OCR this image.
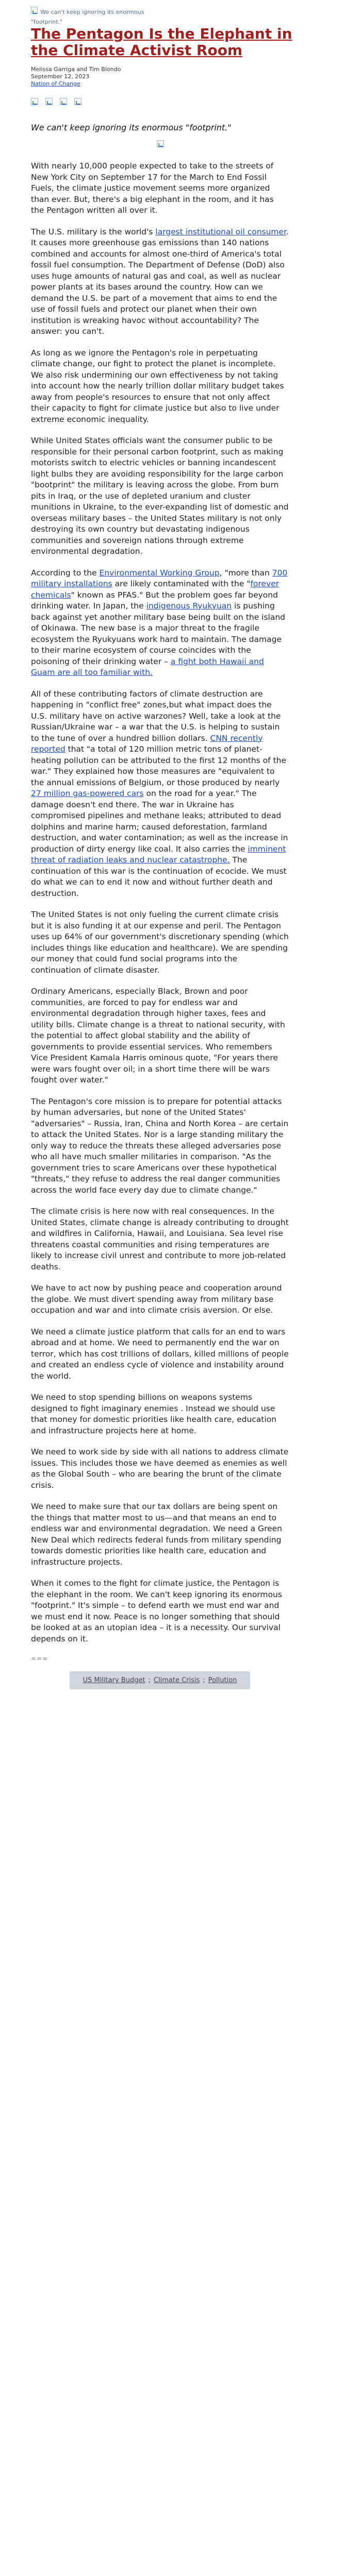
We can't keep ignoring its enormous "footprint."
The Pentagon Is the Elephant in the Climate Activist Room
Melissa Garriga and Tim Biondo
September 12, 2023
Nation of Change
We can't keep ignoring its enormous "footprint."

With nearly 10,000 people expected to take to the streets of New York City on September 17 for the March to End Fossil Fuels, the climate justice movement seems more organized than ever. But, there's a big elephant in the room, and it has the Pentagon written all over it.

The U.S. military is the world's largest institutional oil consumer. It causes more greenhouse gas emissions than 140 nations combined and accounts for almost one-third of America's total fossil fuel consumption. The Department of Defense (DoD) also uses huge amounts of natural gas and coal, as well as nuclear power plants at its bases around the country. How can we demand the U.S. be part of a movement that aims to end the use of fossil fuels and protect our planet when their own institution is wreaking havoc without accountability? The answer: you can't.

As long as we ignore the Pentagon's role in perpetuating climate change, our fight to protect the planet is incomplete. We also risk undermining our own effectiveness by not taking into account how the nearly trillion dollar military budget takes away from people's resources to ensure that not only affect their capacity to fight for climate justice but also to live under extreme economic inequality.

While United States officials want the consumer public to be responsible for their personal carbon footprint, such as making motorists switch to electric vehicles or banning incandescent light bulbs they are avoiding responsibility for the large carbon "bootprint" the military is leaving across the globe. From burn pits in Iraq, or the use of depleted uranium and cluster munitions in Ukraine, to the ever-expanding list of domestic and overseas military bases – the United States military is not only destroying its own country but devastating indigenous communities and sovereign nations through extreme environmental degradation.

According to the Environmental Working Group, "more than 700 military installations are likely contaminated with the "forever chemicals" known as PFAS." But the problem goes far beyond drinking water. In Japan, the indigenous Ryukyuan is pushing back against yet another military base being built on the island of Okinawa. The new base is a major threat to the fragile ecosystem the Ryukyuans work hard to maintain. The damage to their marine ecosystem of course coincides with the poisoning of their drinking water – a fight both Hawaii and Guam are all too familiar with.

All of these contributing factors of climate destruction are happening in "conflict free" zones,but what impact does the U.S. military have on active warzones? Well, take a look at the Russian/Ukraine war – a war that the U.S. is helping to sustain to the tune of over a hundred billion dollars. CNN recently reported that "a total of 120 million metric tons of planet-heating pollution can be attributed to the first 12 months of the war." They explained how those measures are "equivalent to the annual emissions of Belgium, or those produced by nearly 27 million gas-powered cars on the road for a year." The damage doesn't end there. The war in Ukraine has compromised pipelines and methane leaks; attributed to dead dolphins and marine harm; caused deforestation, farmland destruction, and water contamination; as well as the increase in production of dirty energy like coal. It also carries the imminent threat of radiation leaks and nuclear catastrophe. The continuation of this war is the continuation of ecocide. We must do what we can to end it now and without further death and destruction.

The United States is not only fueling the current climate crisis but it is also funding it at our expense and peril. The Pentagon uses up 64% of our government's discretionary spending (which includes things like education and healthcare). We are spending our money that could fund social programs into the continuation of climate disaster.

Ordinary Americans, especially Black, Brown and poor communities, are forced to pay for endless war and environmental degradation through higher taxes, fees and utility bills. Climate change is a threat to national security, with the potential to affect global stability and the ability of governments to provide essential services. Who remembers Vice President Kamala Harris ominous quote, "For years there were wars fought over oil; in a short time there will be wars fought over water."

The Pentagon's core mission is to prepare for potential attacks by human adversaries, but none of the United States' "adversaries" – Russia, Iran, China and North Korea – are certain to attack the United States. Nor is a large standing military the only way to reduce the threats these alleged adversaries pose who all have much smaller militaries in comparison. "As the government tries to scare Americans over these hypothetical "threats," they refuse to address the real danger communities across the world face every day due to climate change."

The climate crisis is here now with real consequences. In the United States, climate change is already contributing to drought and wildfires in California, Hawaii, and Louisiana. Sea level rise threatens coastal communities and rising temperatures are likely to increase civil unrest and contribute to more job-related deaths.

We have to act now by pushing peace and cooperation around the globe. We must divert spending away from military base occupation and war and into climate crisis aversion. Or else.

We need a climate justice platform that calls for an end to wars abroad and at home. We need to permanently end the war on terror, which has cost trillions of dollars, killed millions of people and created an endless cycle of violence and instability around the world.

We need to stop spending billions on weapons systems designed to fight imaginary enemies . Instead we should use that money for domestic priorities like health care, education and infrastructure projects here at home.

We need to work side by side with all nations to address climate issues. This includes those we have deemed as enemies as well as the Global South – who are bearing the brunt of the climate crisis.

We need to make sure that our tax dollars are being spent on the things that matter most to us—and that means an end to endless war and environmental degradation. We need a Green New Deal which redirects federal funds from military spending towards domestic priorities like health care, education and infrastructure projects.

When it comes to the fight for climate justice, the Pentagon is the elephant in the room. We can't keep ignoring its enormous "footprint." It's simple – to defend earth we must end war and we must end it now. Peace is no longer something that should be looked at as an utopian idea – it is a necessity. Our survival depends on it.

===
US Military Budget ; Climate Crisis ; Pollution
